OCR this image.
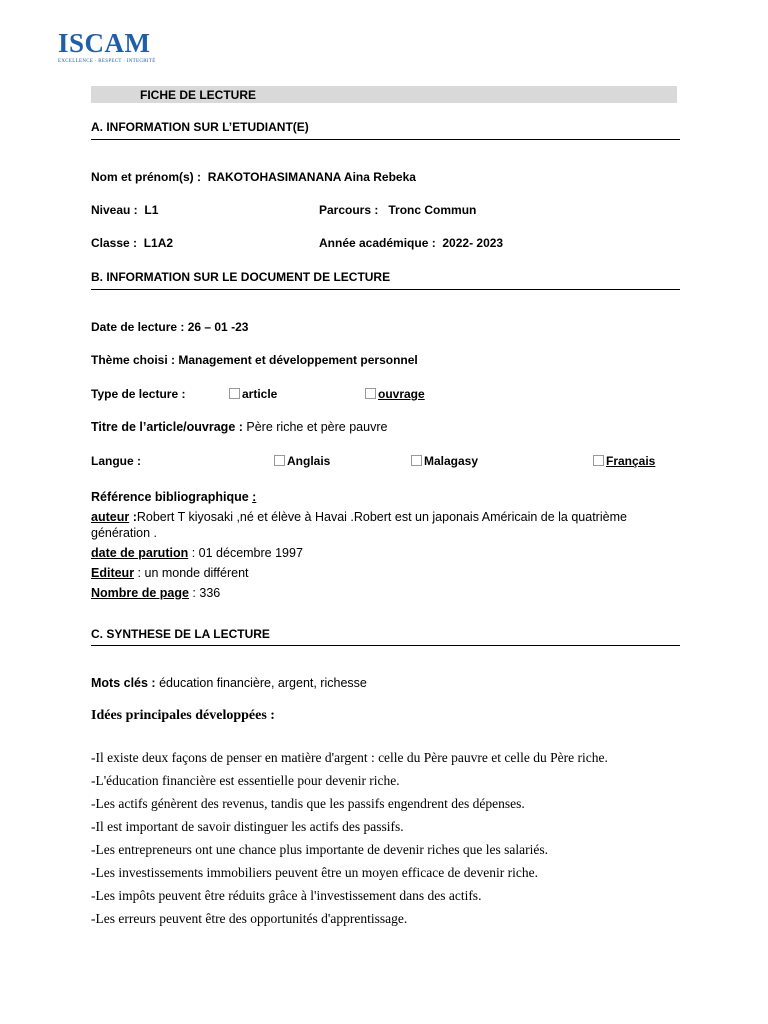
ISCAM
EXCELLENCE · RESPECT · INTEGRITÉ
FICHE DE LECTURE
A. INFORMATION SUR L’ETUDIANT(E)
Nom et prénom(s) : RAKOTOHASIMANANA Aina Rebeka
Niveau : L1	Parcours : Tronc Commun
Classe : L1A2	Année académique : 2022- 2023
B. INFORMATION SUR LE DOCUMENT DE LECTURE
Date de lecture : 26 – 01 -23
Thème choisi : Management et développement personnel
Type de lecture :	article	ouvrage
Titre de l’article/ouvrage : Père riche et père pauvre
Langue :	Anglais	Malagasy	Français
Référence bibliographique :
auteur :Robert T kiyosaki ,né et élève à Havai .Robert est un japonais Américain de la quatrième
génération .
date de parution : 01 décembre 1997
Editeur : un monde différent
Nombre de page : 336
C. SYNTHESE DE LA LECTURE
Mots clés : éducation financière, argent, richesse
Idées principales développées :
-Il existe deux façons de penser en matière d'argent : celle du Père pauvre et celle du Père riche.
-L'éducation financière est essentielle pour devenir riche.
-Les actifs génèrent des revenus, tandis que les passifs engendrent des dépenses.
-Il est important de savoir distinguer les actifs des passifs.
-Les entrepreneurs ont une chance plus importante de devenir riches que les salariés.
-Les investissements immobiliers peuvent être un moyen efficace de devenir riche.
-Les impôts peuvent être réduits grâce à l'investissement dans des actifs.
-Les erreurs peuvent être des opportunités d'apprentissage.
